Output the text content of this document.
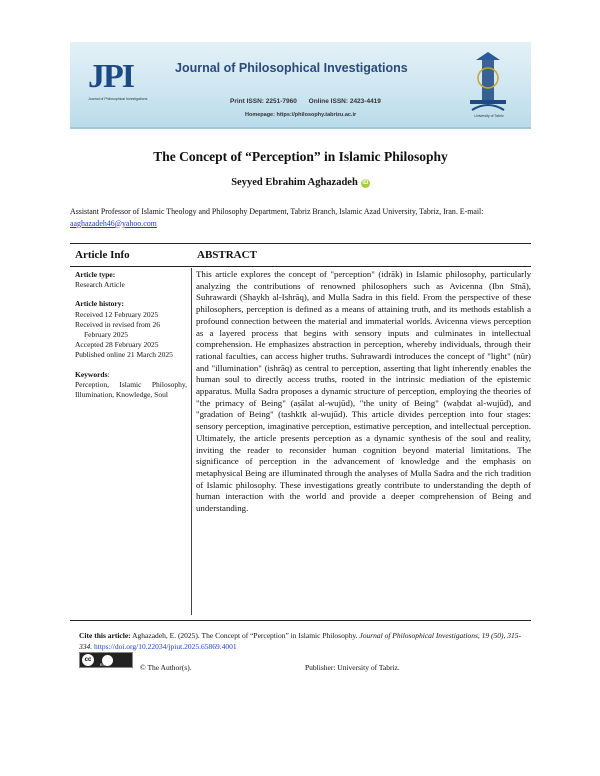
JPI
Journal of Philosophical Investigations
Journal of Philosophical Investigations
Print ISSN: 2251-7960 Online ISSN: 2423-4419
Homepage: https://philosophy.tabrizu.ac.ir	University of Tabriz
The Concept of “Perception” in Islamic Philosophy
Seyyed Ebrahim Aghazadeh iD
Assistant Professor of Islamic Theology and Philosophy Department, Tabriz Branch, Islamic Azad University, Tabriz, Iran. E-mail: aaghazadeh46@yahoo.com
Article Info	ABSTRACT
Article type:
Research Article
Article history:
Received 12 February 2025
Received in revised from 26 February 2025
Accepted 28 February 2025
Published online 21 March 2025
Keywords:
Perception, Islamic Philosophy, Illumination, Knowledge, Soul
This article explores the concept of "perception" (idrāk) in Islamic philosophy, particularly analyzing the contributions of renowned philosophers such as Avicenna (Ibn Sīnā), Suhrawardi (Shaykh al-Ishrāq), and Mulla Sadra in this field. From the perspective of these philosophers, perception is defined as a means of attaining truth, and its methods establish a profound connection between the material and immaterial worlds. Avicenna views perception as a layered process that begins with sensory inputs and culminates in intellectual comprehension. He emphasizes abstraction in perception, whereby individuals, through their rational faculties, can access higher truths. Suhrawardi introduces the concept of "light" (nūr) and "illumination" (ishrāq) as central to perception, asserting that light inherently enables the human soul to directly access truths, rooted in the intrinsic mediation of the epistemic apparatus. Mulla Sadra proposes a dynamic structure of perception, employing the theories of "the primacy of Being" (aṣālat al-wujūd), "the unity of Being" (waḥdat al-wujūd), and "gradation of Being" (tashkīk al-wujūd). This article divides perception into four stages: sensory perception, imaginative perception, estimative perception, and intellectual perception. Ultimately, the article presents perception as a dynamic synthesis of the soul and reality, inviting the reader to reconsider human cognition beyond material limitations. The significance of perception in the advancement of knowledge and the emphasis on metaphysical Being are illuminated through the analyses of Mulla Sadra and the rich tradition of Islamic philosophy. These investigations greatly contribute to understanding the depth of human interaction with the world and provide a deeper comprehension of Being and understanding.
Cite this article: Aghazadeh, E. (2025). The Concept of “Perception” in Islamic Philosophy. Journal of Philosophical Investigations, 19 (50), 315-334. https://doi.org/10.22034/jpiut.2025.65869.4001
cc
BY	© The Author(s).	Publisher: University of Tabriz.
